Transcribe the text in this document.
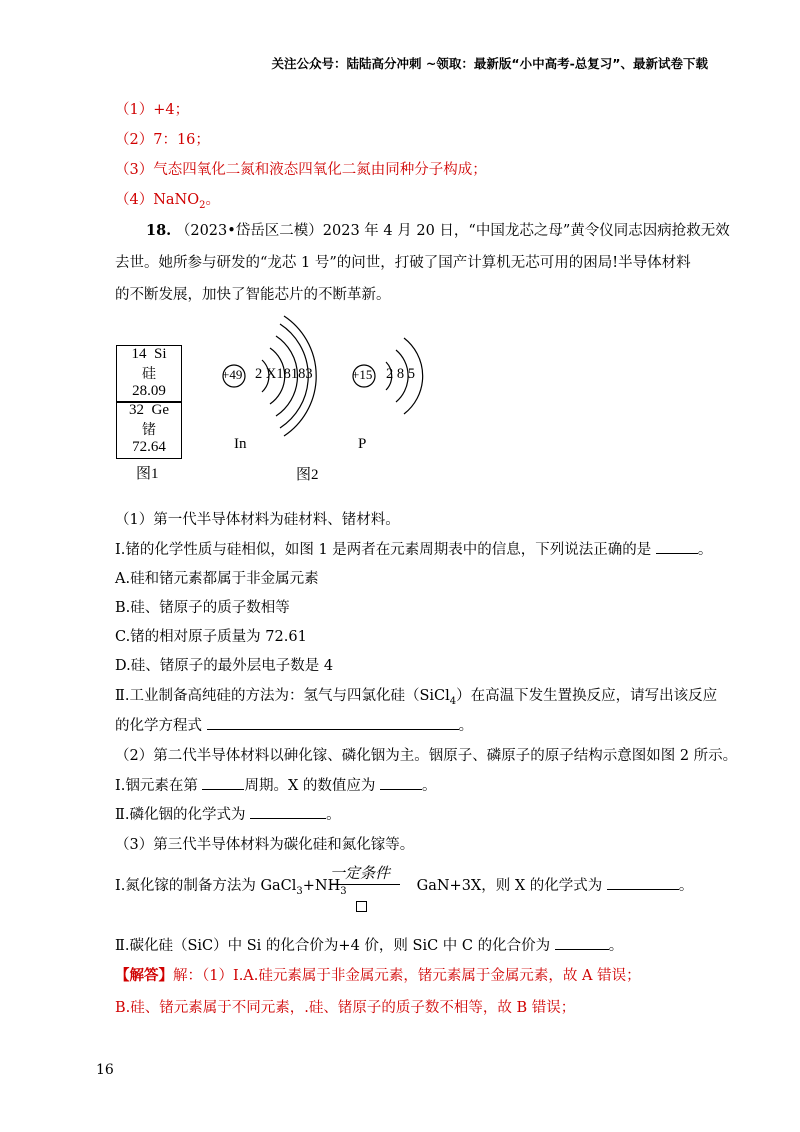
关注公众号：陆陆高分冲刺 ~领取：最新版“小中高考-总复习”、最新试卷下载
（1）+4；
（2）7：16；
（3）气态四氧化二氮和液态四氧化二氮由同种分子构成；
（4）NaNO$_2$。
18. （2023•岱岳区二模）2023 年 4 月 20 日，“中国龙芯之母”黄令仪同志因病抢救无效
去世。她所参与研发的“龙芯 1 号”的问世，打破了国产计算机无芯可用的困局!半导体材料
的不断发展，加快了智能芯片的不断革新。
14 Si
硅
28.09
32 Ge
锗
72.64
图1
+49 2 X18183	+15 2 8 5
In	P
图2
（1）第一代半导体材料为硅材料、锗材料。
Ⅰ.锗的化学性质与硅相似，如图 1 是两者在元素周期表中的信息，下列说法正确的是	。
A.硅和锗元素都属于非金属元素
B.硅、锗原子的质子数相等
C.锗的相对原子质量为 72.61
D.硅、锗原子的最外层电子数是 4
Ⅱ.工业制备高纯硅的方法为：氢气与四氯化硅（SiCl$_4$）在高温下发生置换反应，请写出该反应
的化学方程式	。
（2）第二代半导体材料以砷化镓、磷化铟为主。铟原子、磷原子的原子结构示意图如图 2 所示。
Ⅰ.铟元素在第	周期。X 的数值应为	。
Ⅱ.磷化铟的化学式为	。
（3）第三代半导体材料为碳化硅和氮化镓等。
Ⅰ.氮化镓的制备方法为 $GaCl_3+NH_3$	GaN+3X，则 X 的化学式为	。
一定条件
Ⅱ.碳化硅（SiC）中 Si 的化合价为+4 价，则 SiC 中 C 的化合价为	。
【解答】解：（1）Ⅰ.A.硅元素属于非金属元素，锗元素属于金属元素，故 A 错误；
B.硅、锗元素属于不同元素，.硅、锗原子的质子数不相等，故 B 错误；
16
